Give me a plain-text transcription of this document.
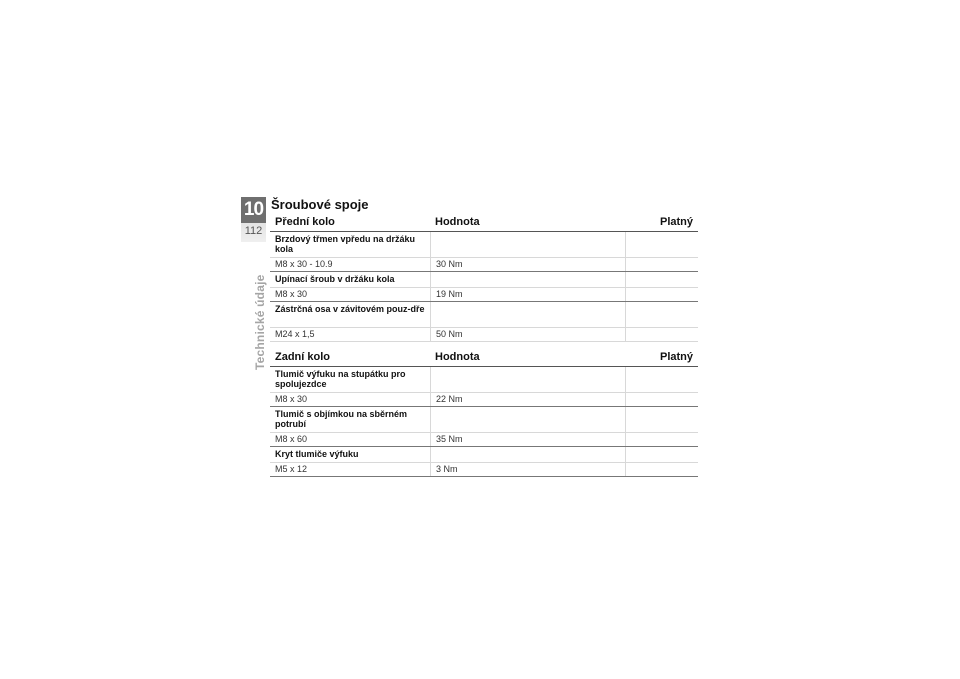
10
112
Technické údaje
Šroubové spoje
Přední kolo	Hodnota	Platný
Brzdový třmen vpředu na držáku kola
M8 x 30 - 10.9	30 Nm
Upínací šroub v držáku kola
M8 x 30	19 Nm
Zástrčná osa v závitovém pouz-dře
M24 x 1,5	50 Nm
Zadní kolo	Hodnota	Platný
Tlumič výfuku na stupátku pro spolujezdce
M8 x 30	22 Nm
Tlumič s objímkou na sběrném potrubí
M8 x 60	35 Nm
Kryt tlumiče výfuku
M5 x 12	3 Nm
